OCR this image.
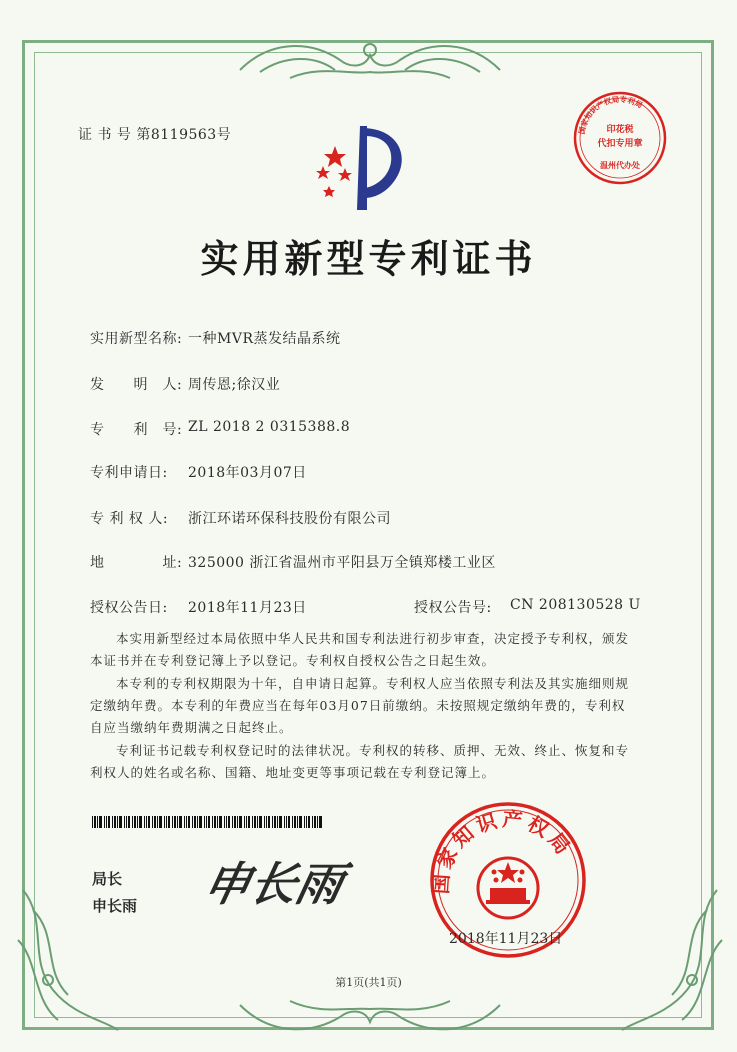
证 书 号 第8119563号	国家知识产权局专利局
印花税
代扣专用章
温州代办处
实用新型专利证书
实用新型名称: 一种MVR蒸发结晶系统
发　　明　人: 周传恩;徐汉业
专　　利　号: ZL 2018 2 0315388.8
专利申请日: 2018年03月07日
专 利 权 人: 浙江环诺环保科技股份有限公司
地　　　　址: 325000 浙江省温州市平阳县万全镇郑楼工业区
授权公告日: 2018年11月23日	授权公告号: CN 208130528 U
本实用新型经过本局依照中华人民共和国专利法进行初步审查，决定授予专利权，颁发
本证书并在专利登记簿上予以登记。专利权自授权公告之日起生效。
本专利的专利权期限为十年，自申请日起算。专利权人应当依照专利法及其实施细则规
定缴纳年费。本专利的年费应当在每年03月07日前缴纳。未按照规定缴纳年费的，专利权
自应当缴纳年费期满之日起终止。
专利证书记载专利权登记时的法律状况。专利权的转移、质押、无效、终止、恢复和专
利权人的姓名或名称、国籍、地址变更等事项记载在专利登记簿上。
局长
申长雨 申长雨	国家知识产权局
2018年11月23日
第1页(共1页)
